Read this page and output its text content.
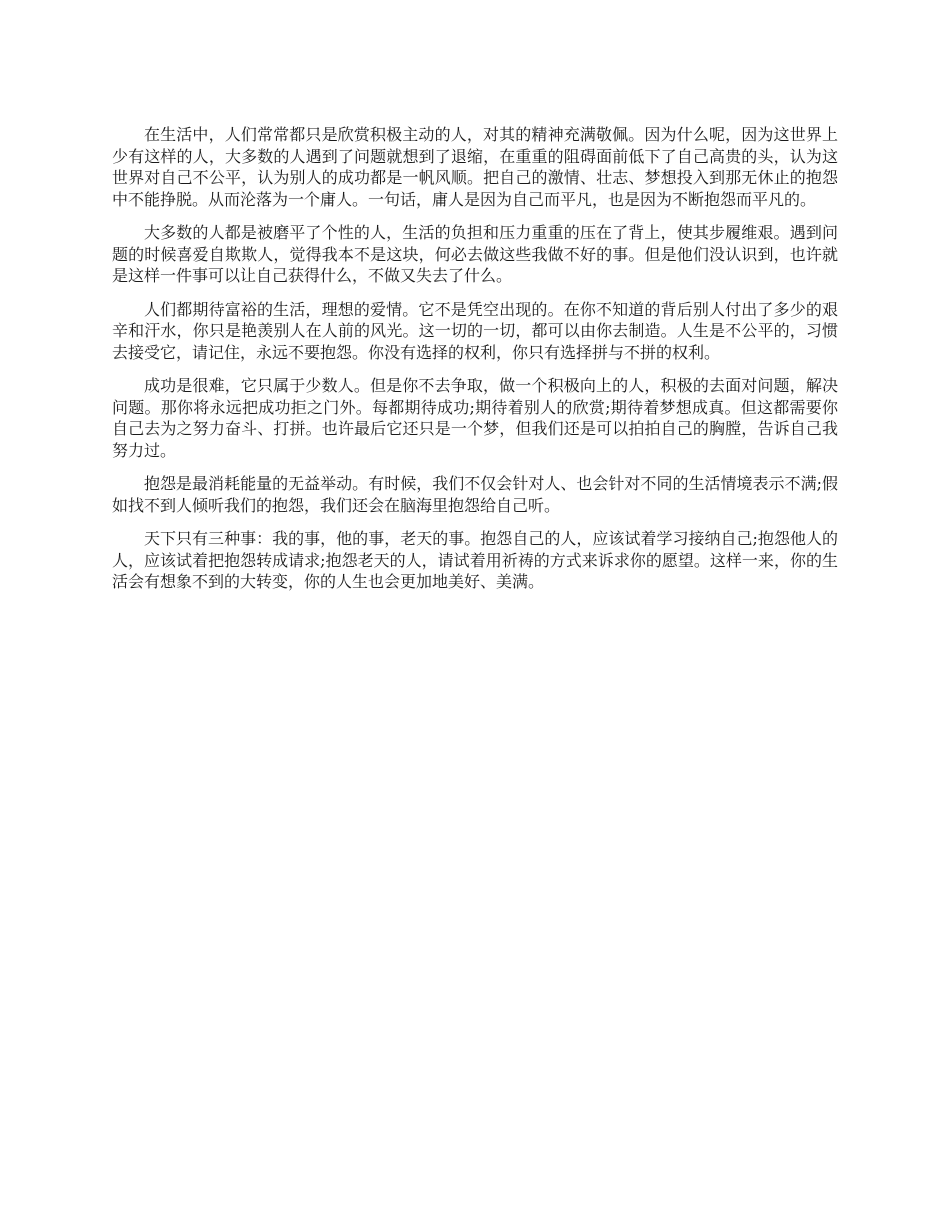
在生活中，人们常常都只是欣赏积极主动的人，对其的精神充满敬佩。因为什么呢，因为这世界上少有这样的人，大多数的人遇到了问题就想到了退缩，在重重的阻碍面前低下了自己高贵的头，认为这世界对自己不公平，认为别人的成功都是一帆风顺。把自己的激情、壮志、梦想投入到那无休止的抱怨中不能挣脱。从而沦落为一个庸人。一句话，庸人是因为自己而平凡，也是因为不断抱怨而平凡的。

大多数的人都是被磨平了个性的人，生活的负担和压力重重的压在了背上，使其步履维艰。遇到问题的时候喜爱自欺欺人，觉得我本不是这块，何必去做这些我做不好的事。但是他们没认识到，也许就是这样一件事可以让自己获得什么，不做又失去了什么。

人们都期待富裕的生活，理想的爱情。它不是凭空出现的。在你不知道的背后别人付出了多少的艰辛和汗水，你只是艳羡别人在人前的风光。这一切的一切，都可以由你去制造。人生是不公平的，习惯去接受它，请记住，永远不要抱怨。你没有选择的权利，你只有选择拼与不拼的权利。

成功是很难，它只属于少数人。但是你不去争取，做一个积极向上的人，积极的去面对问题，解决问题。那你将永远把成功拒之门外。每都期待成功;期待着别人的欣赏;期待着梦想成真。但这都需要你自己去为之努力奋斗、打拼。也许最后它还只是一个梦，但我们还是可以拍拍自己的胸膛，告诉自己我努力过。

抱怨是最消耗能量的无益举动。有时候，我们不仅会针对人、也会针对不同的生活情境表示不满;假如找不到人倾听我们的抱怨，我们还会在脑海里抱怨给自己听。

天下只有三种事：我的事，他的事，老天的事。抱怨自己的人，应该试着学习接纳自己;抱怨他人的人，应该试着把抱怨转成请求;抱怨老天的人，请试着用祈祷的方式来诉求你的愿望。这样一来，你的生活会有想象不到的大转变，你的人生也会更加地美好、美满。
